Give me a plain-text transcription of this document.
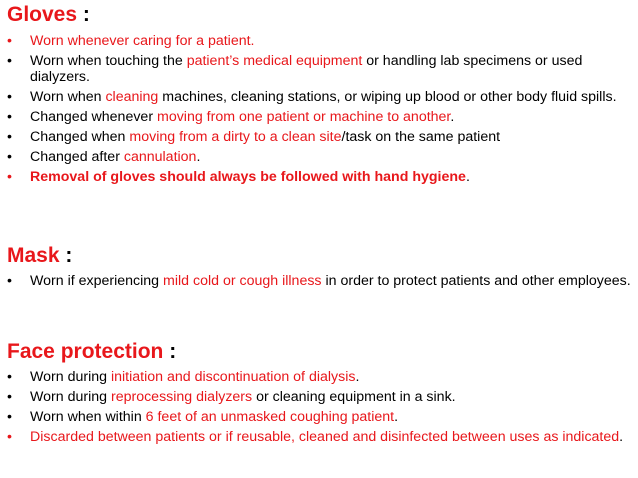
Gloves :
•	Worn whenever caring for a patient.
•	Worn when touching the patient’s medical equipment or handling lab specimens or used dialyzers.
•	Worn when cleaning machines, cleaning stations, or wiping up blood or other body fluid spills.
•	Changed whenever moving from one patient or machine to another.
•	Changed when moving from a dirty to a clean site/task on the same patient
•	Changed after cannulation.
•	Removal of gloves should always be followed with hand hygiene.
Mask :
•	Worn if experiencing mild cold or cough illness in order to protect patients and other employees.
Face protection :
•	Worn during initiation and discontinuation of dialysis.
•	Worn during reprocessing dialyzers or cleaning equipment in a sink.
•	Worn when within 6 feet of an unmasked coughing patient.
•	Discarded between patients or if reusable, cleaned and disinfected between uses as indicated.
